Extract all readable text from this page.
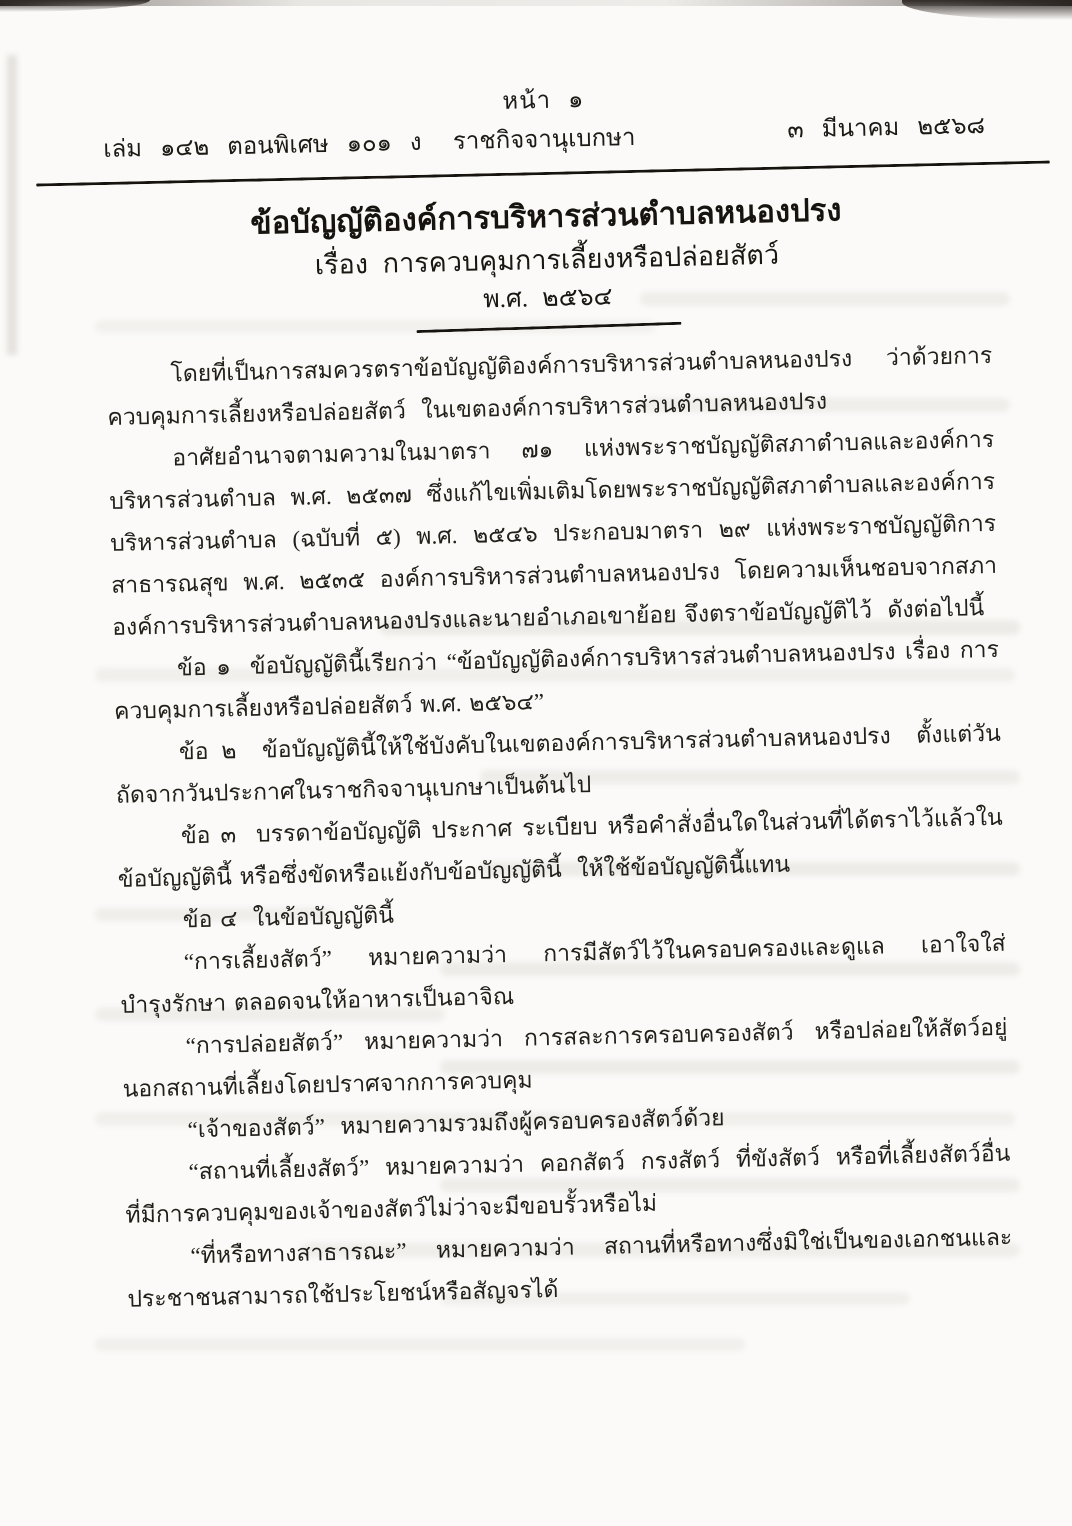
หน้า ๑
เล่ม ๑๔๒ ตอนพิเศษ ๑๐๑ ง	ราชกิจจานุเบกษา	๓ มีนาคม ๒๕๖๘
ข้อบัญญัติองค์การบริหารส่วนตำบลหนองปรง
เรื่อง การควบคุมการเลี้ยงหรือปล่อยสัตว์
พ.ศ. ๒๕๖๔

โดยที่เป็นการสมควรตราข้อบัญญัติองค์การบริหารส่วนตำบลหนองปรง  ว่าด้วยการควบคุมการเลี้ยงหรือปล่อยสัตว์  ในเขตองค์การบริหารส่วนตำบลหนองปรง

อาศัยอำนาจตามความในมาตรา ๗๑ แห่งพระราชบัญญัติสภาตำบลและองค์การบริหารส่วนตำบล พ.ศ. ๒๕๓๗ ซึ่งแก้ไขเพิ่มเติมโดยพระราชบัญญัติสภาตำบลและองค์การบริหารส่วนตำบล (ฉบับที่ ๕) พ.ศ. ๒๕๔๖ ประกอบมาตรา ๒๙ แห่งพระราชบัญญัติการสาธารณสุข พ.ศ. ๒๕๓๕ องค์การบริหารส่วนตำบลหนองปรง โดยความเห็นชอบจากสภาองค์การบริหารส่วนตำบลหนองปรงและนายอำเภอเขาย้อย จึงตราข้อบัญญัติไว้  ดังต่อไปนี้

ข้อ ๑  ข้อบัญญัตินี้เรียกว่า “ข้อบัญญัติองค์การบริหารส่วนตำบลหนองปรง เรื่อง การควบคุมการเลี้ยงหรือปล่อยสัตว์ พ.ศ. ๒๕๖๔”

ข้อ ๒  ข้อบัญญัตินี้ให้ใช้บังคับในเขตองค์การบริหารส่วนตำบลหนองปรง  ตั้งแต่วันถัดจากวันประกาศในราชกิจจานุเบกษาเป็นต้นไป

ข้อ ๓  บรรดาข้อบัญญัติ ประกาศ ระเบียบ หรือคำสั่งอื่นใดในส่วนที่ได้ตราไว้แล้วในข้อบัญญัตินี้ หรือซึ่งขัดหรือแย้งกับข้อบัญญัตินี้  ให้ใช้ข้อบัญญัตินี้แทน

ข้อ ๔  ในข้อบัญญัตินี้

“การเลี้ยงสัตว์”  หมายความว่า  การมีสัตว์ไว้ในครอบครองและดูแล  เอาใจใส่  บำรุงรักษา ตลอดจนให้อาหารเป็นอาจิณ

“การปล่อยสัตว์”  หมายความว่า  การสละการครอบครองสัตว์  หรือปล่อยให้สัตว์อยู่นอกสถานที่เลี้ยงโดยปราศจากการควบคุม

“เจ้าของสัตว์”  หมายความรวมถึงผู้ครอบครองสัตว์ด้วย

“สถานที่เลี้ยงสัตว์”  หมายความว่า  คอกสัตว์  กรงสัตว์  ที่ขังสัตว์  หรือที่เลี้ยงสัตว์อื่นที่มีการควบคุมของเจ้าของสัตว์ไม่ว่าจะมีขอบรั้วหรือไม่

“ที่หรือทางสาธารณะ”  หมายความว่า  สถานที่หรือทางซึ่งมิใช่เป็นของเอกชนและประชาชนสามารถใช้ประโยชน์หรือสัญจรได้
